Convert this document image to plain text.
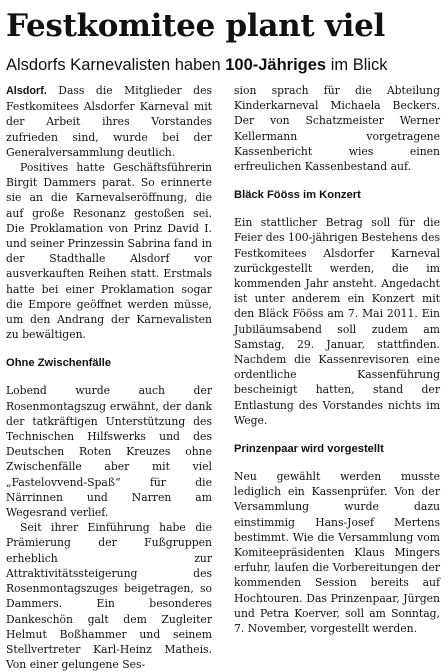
Festkomitee plant viel

Alsdorfs Karnevalisten haben 100-Jähriges im Blick

Alsdorf. Dass die Mitglieder des Festkomitees Alsdorfer Karneval mit der Arbeit ihres Vorstandes zufrieden sind, wurde bei der Generalversammlung deutlich.

Positives hatte Geschäftsführerin Birgit Dammers parat. So erinnerte sie an die Karnevalseröffnung, die auf große Resonanz gestoßen sei. Die Proklamation von Prinz David I. und seiner Prinzessin Sabrina fand in der Stadthalle Alsdorf vor ausverkauften Reihen statt. Erstmals hatte bei einer Proklamation sogar die Empore geöffnet werden müsse, um den Andrang der Karnevalisten zu bewältigen.

Ohne Zwischenfälle

Lobend wurde auch der Rosenmontagszug erwähnt, der dank der tatkräftigen Unterstützung des Technischen Hilfswerks und des Deutschen Roten Kreuzes ohne Zwischenfälle aber mit viel „Fastelovvend-Spaß“ für die Närrinnen und Narren am Wegesrand verlief.

Seit ihrer Einführung habe die Prämierung der Fußgruppen erheblich zur Attraktivitätssteigerung des Rosenmontagszuges beigetragen, so Dammers. Ein besonderes Dankeschön galt dem Zugleiter Helmut Boßhammer und seinem Stellvertreter Karl-Heinz Matheis. Von einer gelungene Ses-

sion sprach für die Abteilung Kinderkarneval Michaela Beckers. Der von Schatzmeister Werner Kellermann vorgetragene Kassenbericht wies einen erfreulichen Kassenbestand auf.

Bläck Fööss im Konzert

Ein stattlicher Betrag soll für die Feier des 100-jährigen Bestehens des Festkomitees Alsdorfer Karneval zurückgestellt werden, die im kommenden Jahr ansteht. Angedacht ist unter anderem ein Konzert mit den Bläck Fööss am 7. Mai 2011. Ein Jubiläumsabend soll zudem am Samstag, 29. Januar, stattfinden. Nachdem die Kassenrevisoren eine ordentliche Kassenführung bescheinigt hatten, stand der Entlastung des Vorstandes nichts im Wege.

Prinzenpaar wird vorgestellt

Neu gewählt werden musste lediglich ein Kassenprüfer. Von der Versammlung wurde dazu einstimmig Hans-Josef Mertens bestimmt. Wie die Versammlung vom Komiteepräsidenten Klaus Mingers erfuhr, laufen die Vorbereitungen der kommenden Session bereits auf Hochtouren. Das Prinzenpaar, Jürgen und Petra Koerver, soll am Sonntag, 7. November, vorgestellt werden.
